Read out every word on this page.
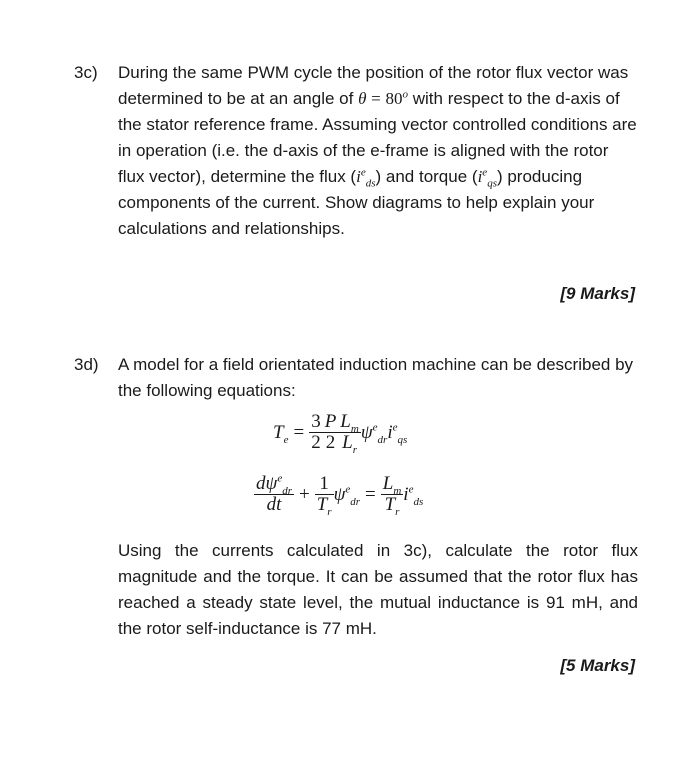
3c) During the same PWM cycle the position of the rotor flux vector was determined to be at an angle of $\theta = 80^o$ with respect to the d-axis of the stator reference frame. Assuming vector controlled conditions are in operation (i.e. the d-axis of the e-frame is aligned with the rotor flux vector), determine the flux $(i^e_{ds})$ and torque $(i^e_{qs})$ producing components of the current. Show diagrams to help explain your calculations and relationships.

[9 Marks]
3d) A model for a field orientated induction machine can be described by the following equations:
$T_e = \frac{3}{2} \frac{P}{2} \frac{L_m}{L_r} \psi^e_{dr}$ $i^e_{qs}$
$\frac{d\psi^e_{dr}}{dt} + \frac{1}{T_r} \psi^e_{dr} = \frac{L_m}{T_r} i^e_{ds}$
Using the currents calculated in 3c), calculate the rotor flux magnitude and the torque. It can be assumed that the rotor flux has reached a steady state level, the mutual inductance is 91 mH, and the rotor self-inductance is 77 mH.
[5 Marks]
